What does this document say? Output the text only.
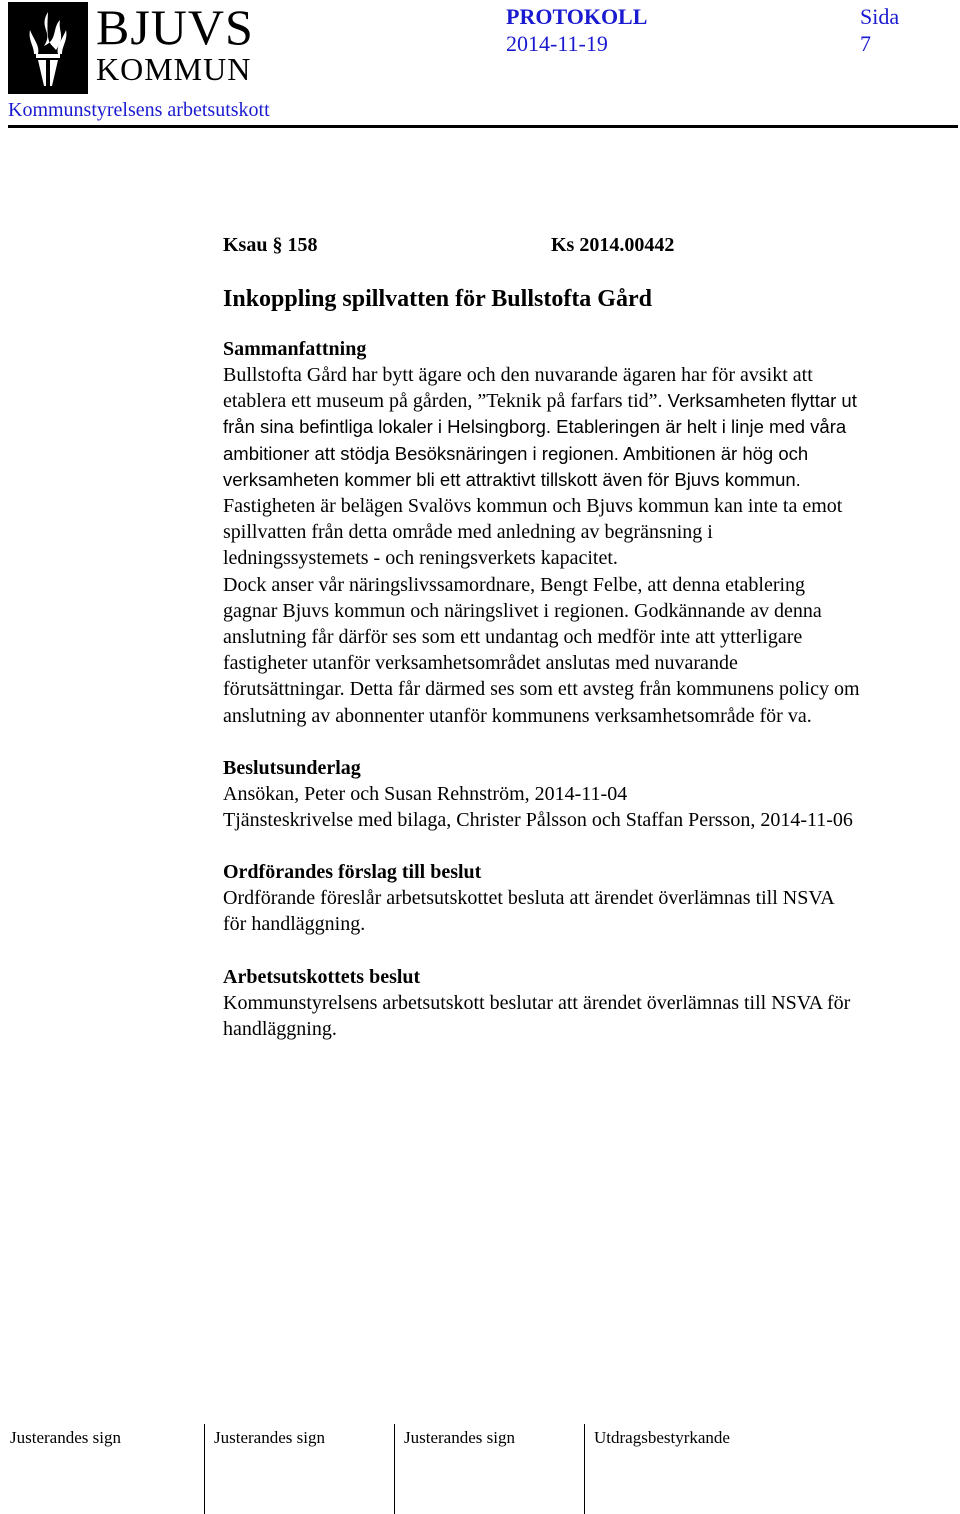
BJUVS
KOMMUN
PROTOKOLL
2014-11-19
Sida
7
Kommunstyrelsens arbetsutskott
Ksau § 158	Ks 2014.00442
Inkoppling spillvatten för Bullstofta Gård
Sammanfattning
Bullstofta Gård har bytt ägare och den nuvarande ägaren har för avsikt att
etablera ett museum på gården, ”Teknik på farfars tid”. Verksamheten flyttar ut
från sina befintliga lokaler i Helsingborg. Etableringen är helt i linje med våra
ambitioner att stödja Besöksnäringen i regionen. Ambitionen är hög och
verksamheten kommer bli ett attraktivt tillskott även för Bjuvs kommun.
Fastigheten är belägen Svalövs kommun och Bjuvs kommun kan inte ta emot
spillvatten från detta område med anledning av begränsning i
ledningssystemets - och reningsverkets kapacitet.
Dock anser vår näringslivssamordnare, Bengt Felbe, att denna etablering
gagnar Bjuvs kommun och näringslivet i regionen. Godkännande av denna
anslutning får därför ses som ett undantag och medför inte att ytterligare
fastigheter utanför verksamhetsområdet anslutas med nuvarande
förutsättningar. Detta får därmed ses som ett avsteg från kommunens policy om
anslutning av abonnenter utanför kommunens verksamhetsområde för va.
Beslutsunderlag
Ansökan, Peter och Susan Rehnström, 2014-11-04
Tjänsteskrivelse med bilaga, Christer Pålsson och Staffan Persson, 2014-11-06
Ordförandes förslag till beslut
Ordförande föreslår arbetsutskottet besluta att ärendet överlämnas till NSVA
för handläggning.
Arbetsutskottets beslut
Kommunstyrelsens arbetsutskott beslutar att ärendet överlämnas till NSVA för
handläggning.
Justerandes sign	Justerandes sign	Justerandes sign	Utdragsbestyrkande
